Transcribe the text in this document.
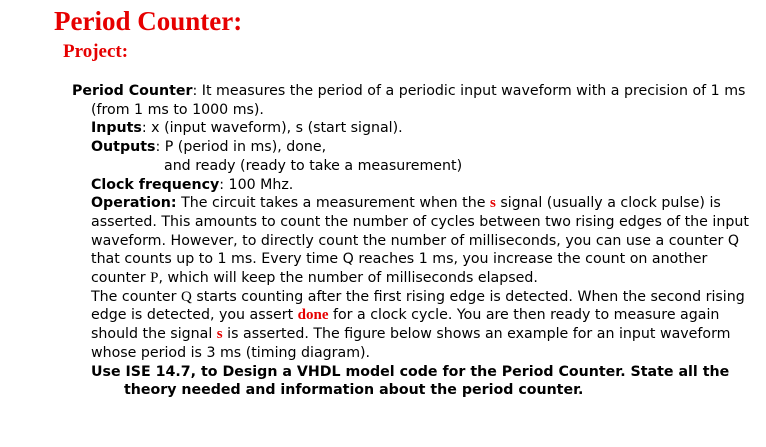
Period Counter:
Project:

Period Counter: It measures the period of a periodic input waveform with a precision of 1 ms

(from 1 ms to 1000 ms).

Inputs: x (input waveform), s (start signal).

Outputs: P (period in ms), done,

and ready (ready to take a measurement)

Clock frequency: 100 Mhz.

Operation: The circuit takes a measurement when the s signal (usually a clock pulse) is

asserted. This amounts to count the number of cycles between two rising edges of the input

waveform. However, to directly count the number of milliseconds, you can use a counter Q

that counts up to 1 ms. Every time Q reaches 1 ms, you increase the count on another

counter P, which will keep the number of milliseconds elapsed.

The counter Q starts counting after the first rising edge is detected. When the second rising

edge is detected, you assert done for a clock cycle. You are then ready to measure again

should the signal s is asserted. The figure below shows an example for an input waveform

whose period is 3 ms (timing diagram).

Use ISE 14.7, to Design a VHDL model code for the Period Counter. State all the

theory needed and information about the period counter.
